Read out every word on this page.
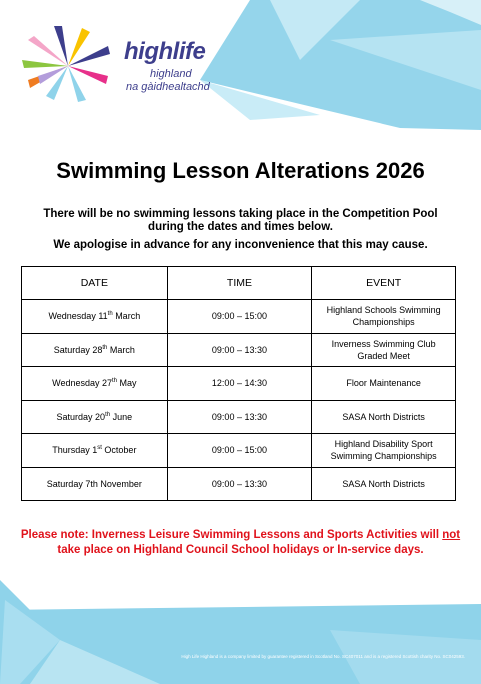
highlife
highland
na gàidhealtachd
Swimming Lesson Alterations 2026

There will be no swimming lessons taking place in the Competition Pool during the dates and times below.

We apologise in advance for any inconvenience that this may cause.

DATE	TIME	EVENT
Wednesday 11th March	09:00 – 15:00	Highland Schools Swimming Championships
Saturday 28th March	09:00 – 13:30	Inverness Swimming Club Graded Meet
Wednesday 27th May	12:00 – 14:30	Floor Maintenance
Saturday 20th June	09:00 – 13:30	SASA North Districts
Thursday 1st October	09:00 – 15:00	Highland Disability Sport Swimming Championships
Saturday 7th November	09:00 – 13:30	SASA North Districts

Please note: Inverness Leisure Swimming Lessons and Sports Activities will not take place on Highland Council School holidays or In-service days.

High Life Highland is a company limited by guarantee registered in Scotland No. SC407011 and is a registered Scottish charity No. SC042593.
